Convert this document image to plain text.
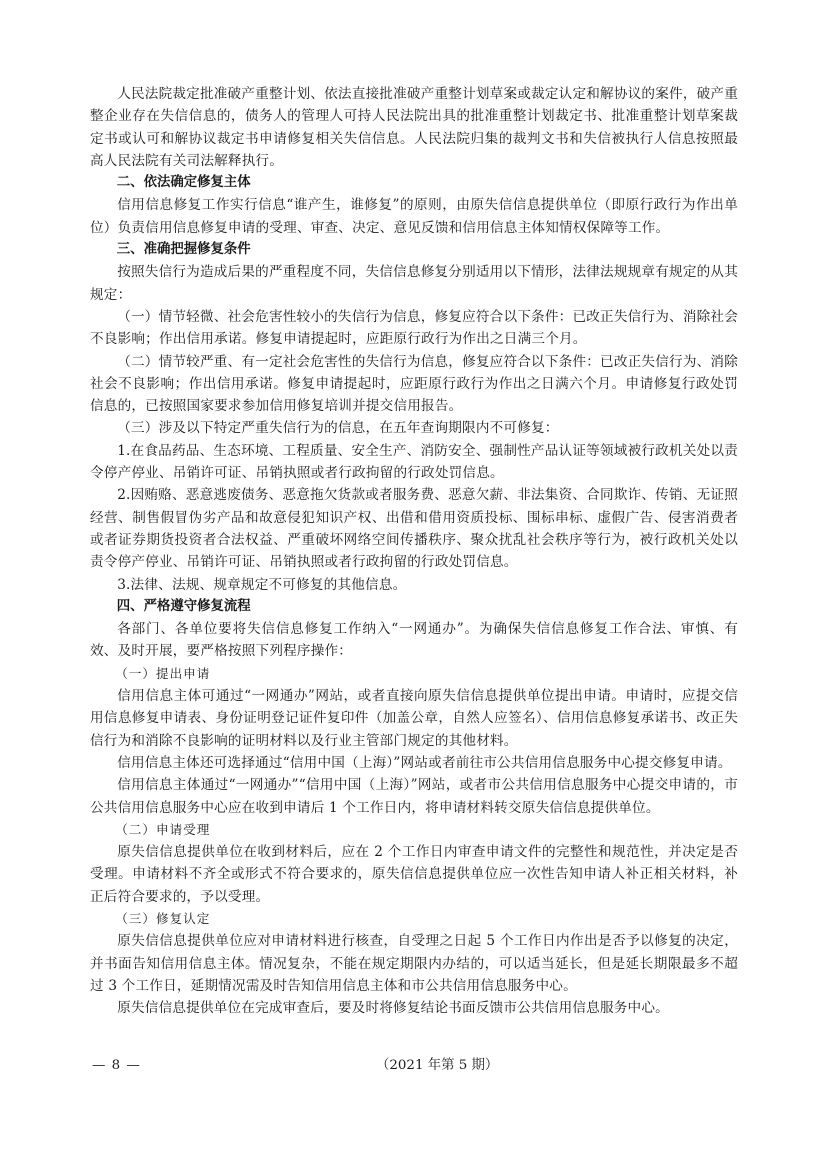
人民法院裁定批准破产重整计划、依法直接批准破产重整计划草案或裁定认定和解协议的案件，破产重整企业存在失信信息的，债务人的管理人可持人民法院出具的批准重整计划裁定书、批准重整计划草案裁定书或认可和解协议裁定书申请修复相关失信信息。人民法院归集的裁判文书和失信被执行人信息按照最高人民法院有关司法解释执行。

二、依法确定修复主体

信用信息修复工作实行信息“谁产生，谁修复”的原则，由原失信信息提供单位（即原行政行为作出单位）负责信用信息修复申请的受理、审查、决定、意见反馈和信用信息主体知情权保障等工作。

三、准确把握修复条件

按照失信行为造成后果的严重程度不同，失信信息修复分别适用以下情形，法律法规规章有规定的从其规定：

（一）情节轻微、社会危害性较小的失信行为信息，修复应符合以下条件：已改正失信行为、消除社会不良影响；作出信用承诺。修复申请提起时，应距原行政行为作出之日满三个月。

（二）情节较严重、有一定社会危害性的失信行为信息，修复应符合以下条件：已改正失信行为、消除社会不良影响；作出信用承诺。修复申请提起时，应距原行政行为作出之日满六个月。申请修复行政处罚信息的，已按照国家要求参加信用修复培训并提交信用报告。

（三）涉及以下特定严重失信行为的信息，在五年查询期限内不可修复：

1.在食品药品、生态环境、工程质量、安全生产、消防安全、强制性产品认证等领域被行政机关处以责令停产停业、吊销许可证、吊销执照或者行政拘留的行政处罚信息。

2.因贿赂、恶意逃废债务、恶意拖欠货款或者服务费、恶意欠薪、非法集资、合同欺诈、传销、无证照经营、制售假冒伪劣产品和故意侵犯知识产权、出借和借用资质投标、围标串标、虚假广告、侵害消费者或者证券期货投资者合法权益、严重破坏网络空间传播秩序、聚众扰乱社会秩序等行为，被行政机关处以责令停产停业、吊销许可证、吊销执照或者行政拘留的行政处罚信息。

3.法律、法规、规章规定不可修复的其他信息。

四、严格遵守修复流程

各部门、各单位要将失信信息修复工作纳入“一网通办”。为确保失信信息修复工作合法、审慎、有效、及时开展，要严格按照下列程序操作：

（一）提出申请

信用信息主体可通过“一网通办”网站，或者直接向原失信信息提供单位提出申请。申请时，应提交信用信息修复申请表、身份证明登记证件复印件（加盖公章，自然人应签名）、信用信息修复承诺书、改正失信行为和消除不良影响的证明材料以及行业主管部门规定的其他材料。

信用信息主体还可选择通过“信用中国（上海）”网站或者前往市公共信用信息服务中心提交修复申请。

信用信息主体通过“一网通办”“信用中国（上海）”网站，或者市公共信用信息服务中心提交申请的，市公共信用信息服务中心应在收到申请后 1 个工作日内，将申请材料转交原失信信息提供单位。

（二）申请受理

原失信信息提供单位在收到材料后，应在 2 个工作日内审查申请文件的完整性和规范性，并决定是否受理。申请材料不齐全或形式不符合要求的，原失信信息提供单位应一次性告知申请人补正相关材料，补正后符合要求的，予以受理。

（三）修复认定

原失信信息提供单位应对申请材料进行核查，自受理之日起 5 个工作日内作出是否予以修复的决定，并书面告知信用信息主体。情况复杂，不能在规定期限内办结的，可以适当延长，但是延长期限最多不超过 3 个工作日，延期情况需及时告知信用信息主体和市公共信用信息服务中心。

原失信信息提供单位在完成审查后，要及时将修复结论书面反馈市公共信用信息服务中心。

— 8 —	（2021 年第 5 期）
